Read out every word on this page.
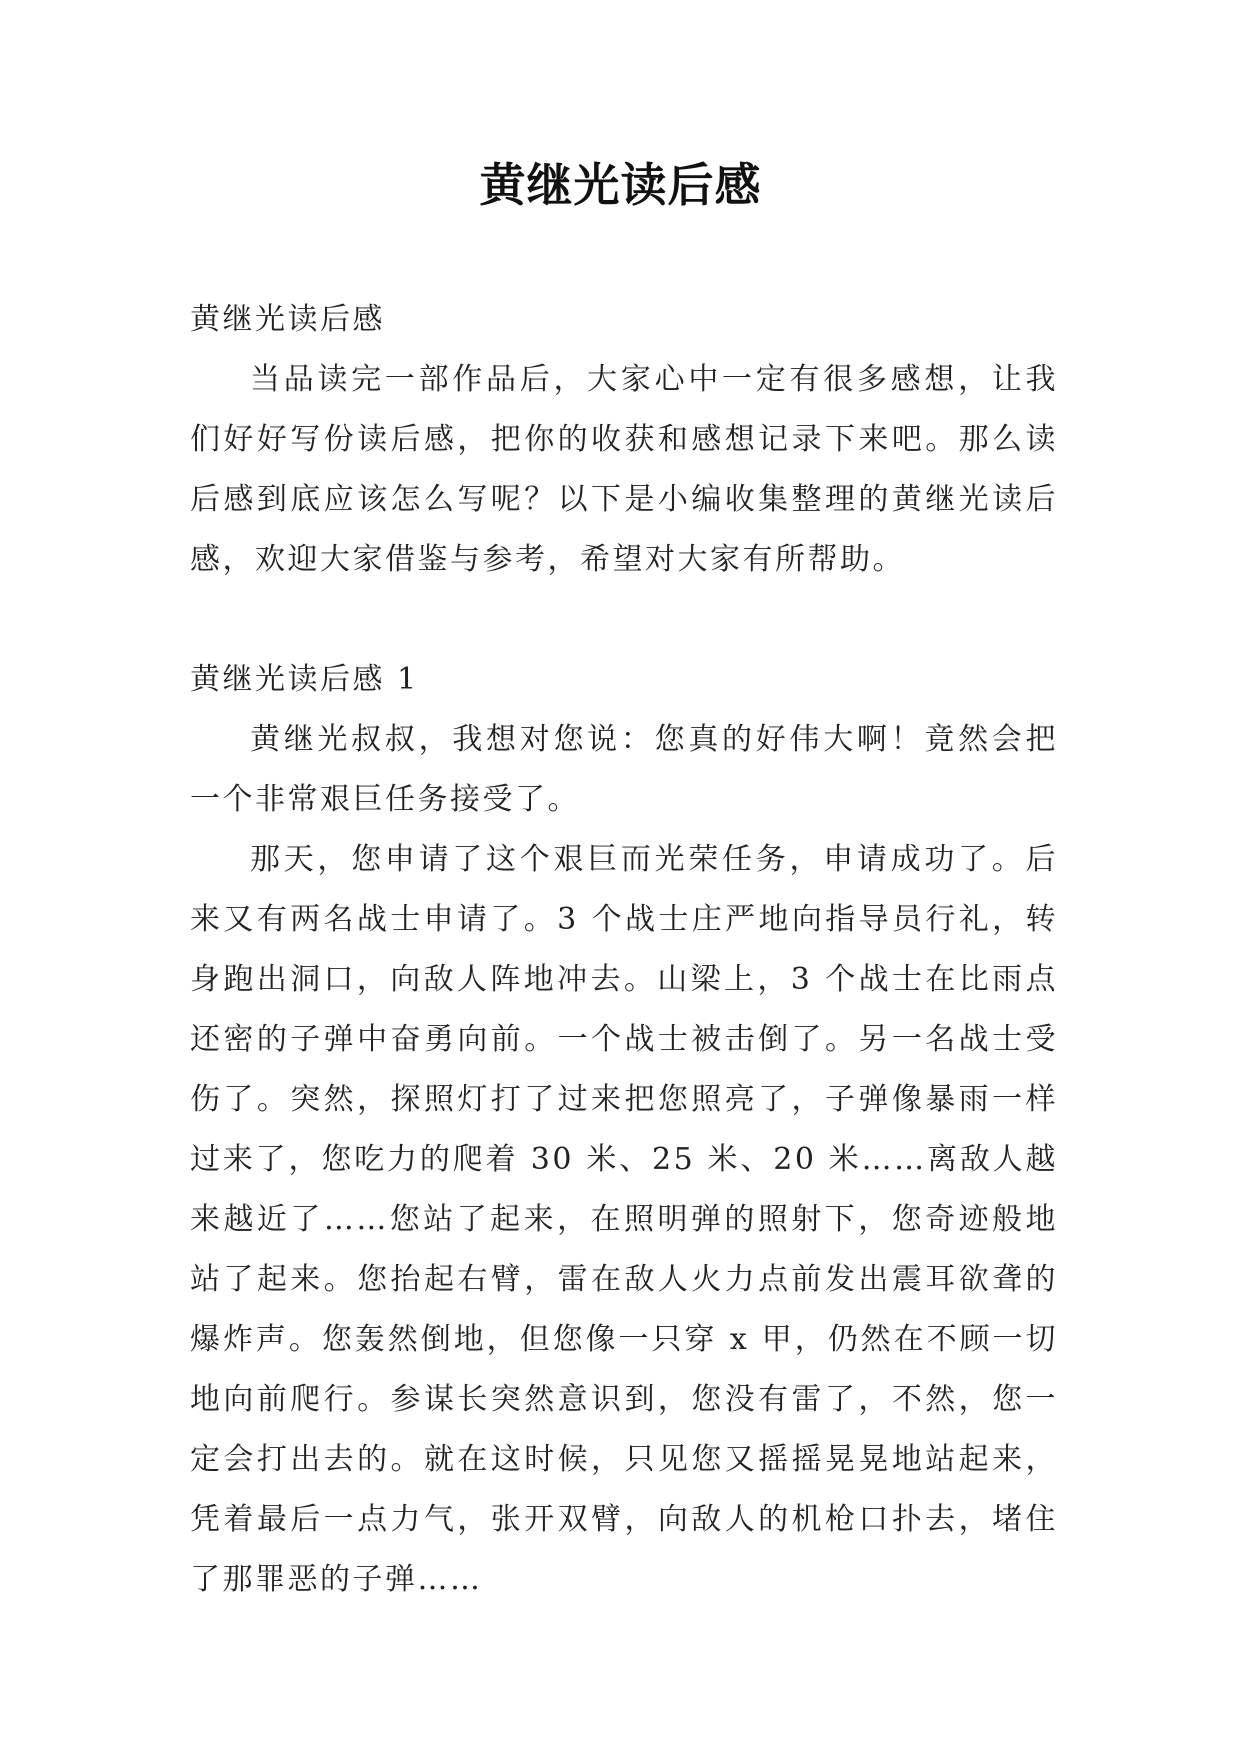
黄继光读后感

黄继光读后感

当品读完一部作品后，大家心中一定有很多感想，让我们好好写份读后感，把你的收获和感想记录下来吧。那么读后感到底应该怎么写呢？以下是小编收集整理的黄继光读后感，欢迎大家借鉴与参考，希望对大家有所帮助。

黄继光读后感 1

黄继光叔叔，我想对您说：您真的好伟大啊！竟然会把一个非常艰巨任务接受了。

那天，您申请了这个艰巨而光荣任务，申请成功了。后来又有两名战士申请了。3 个战士庄严地向指导员行礼，转身跑出洞口，向敌人阵地冲去。山梁上，3 个战士在比雨点还密的子弹中奋勇向前。一个战士被击倒了。另一名战士受伤了。突然，探照灯打了过来把您照亮了，子弹像暴雨一样过来了，您吃力的爬着 30 米、25 米、20 米……离敌人越来越近了……您站了起来，在照明弹的照射下，您奇迹般地站了起来。您抬起右臂，雷在敌人火力点前发出震耳欲聋的爆炸声。您轰然倒地，但您像一只穿 x 甲，仍然在不顾一切地向前爬行。参谋长突然意识到，您没有雷了，不然，您一定会打出去的。就在这时候，只见您又摇摇晃晃地站起来，凭着最后一点力气，张开双臂，向敌人的机枪口扑去，堵住了那罪恶的子弹……
